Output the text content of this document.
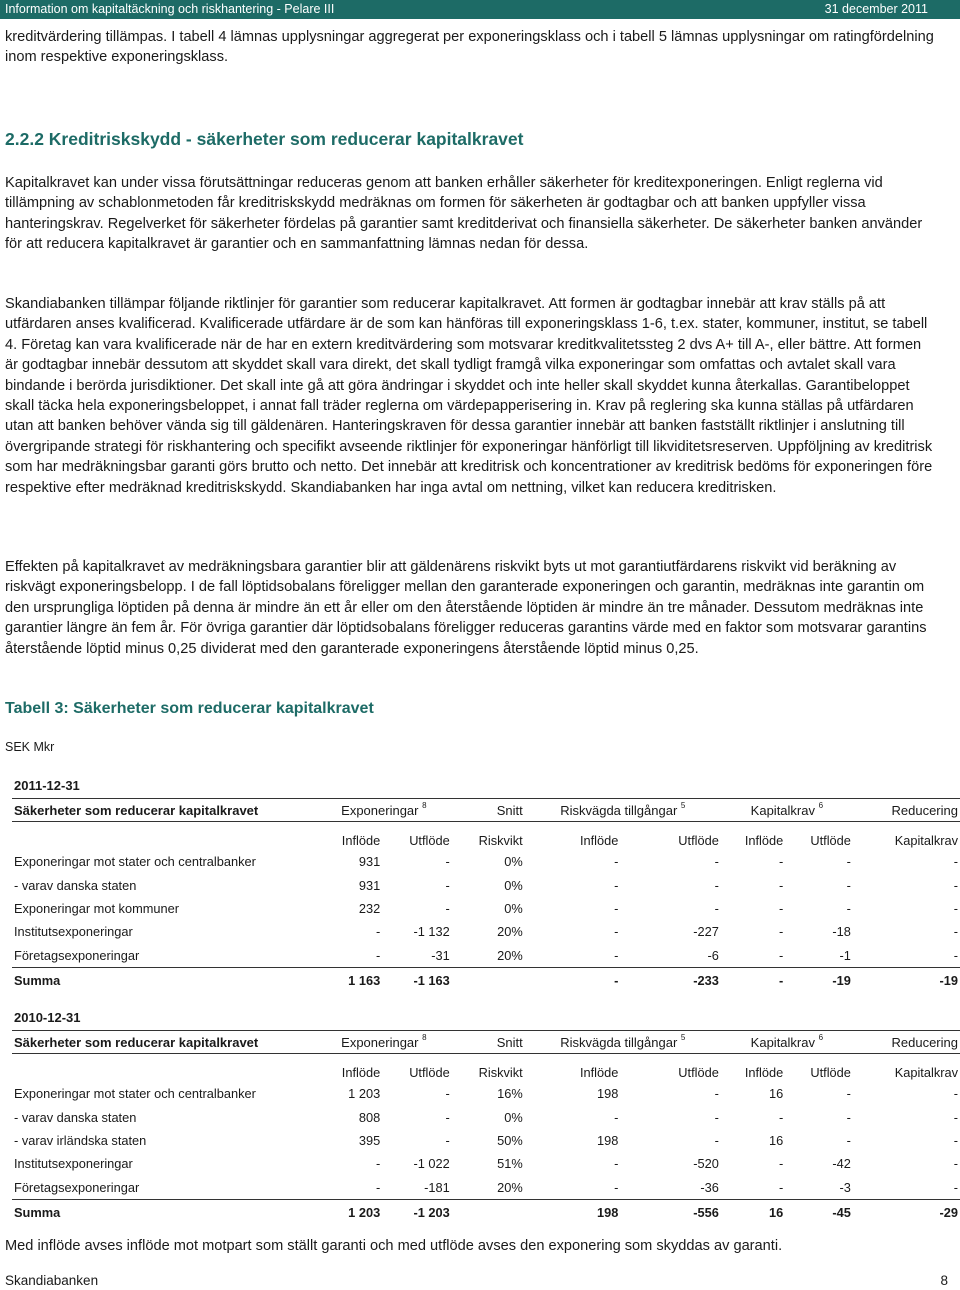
Information om kapitaltäckning och riskhantering - Pelare III	31 december 2011

kreditvärdering tillämpas. I tabell 4 lämnas upplysningar aggregerat per exponeringsklass och i tabell 5 lämnas upplysningar om ratingfördelning inom respektive exponeringsklass.

2.2.2 Kreditriskskydd - säkerheter som reducerar kapitalkravet

Kapitalkravet kan under vissa förutsättningar reduceras genom att banken erhåller säkerheter för kreditexponeringen. Enligt reglerna vid tillämpning av schablonmetoden får kreditriskskydd medräknas om formen för säkerheten är godtagbar och att banken uppfyller vissa hanteringskrav. Regelverket för säkerheter fördelas på garantier samt kreditderivat och finansiella säkerheter. De säkerheter banken använder för att reducera kapitalkravet är garantier och en sammanfattning lämnas nedan för dessa.

Skandiabanken tillämpar följande riktlinjer för garantier som reducerar kapitalkravet. Att formen är godtagbar innebär att krav ställs på att utfärdaren anses kvalificerad. Kvalificerade utfärdare är de som kan hänföras till exponeringsklass 1-6, t.ex. stater, kommuner, institut, se tabell 4. Företag kan vara kvalificerade när de har en extern kreditvärdering som motsvarar kreditkvalitetssteg 2 dvs A+ till A-, eller bättre. Att formen är godtagbar innebär dessutom att skyddet skall vara direkt, det skall tydligt framgå vilka exponeringar som omfattas och avtalet skall vara bindande i berörda jurisdiktioner. Det skall inte gå att göra ändringar i skyddet och inte heller skall skyddet kunna återkallas. Garantibeloppet skall täcka hela exponeringsbeloppet, i annat fall träder reglerna om värdepapperisering in. Krav på reglering ska kunna ställas på utfärdaren utan att banken behöver vända sig till gäldenären. Hanteringskraven för dessa garantier innebär att banken fastställt riktlinjer i anslutning till övergripande strategi för riskhantering och specifikt avseende riktlinjer för exponeringar hänförligt till likviditetsreserven. Uppföljning av kreditrisk som har medräkningsbar garanti görs brutto och netto. Det innebär att kreditrisk och koncentrationer av kreditrisk bedöms för exponeringen före respektive efter medräknad kreditriskskydd. Skandiabanken har inga avtal om nettning, vilket kan reducera kreditrisken.

Effekten på kapitalkravet av medräkningsbara garantier blir att gäldenärens riskvikt byts ut mot garantiutfärdarens riskvikt vid beräkning av riskvägt exponeringsbelopp. I de fall löptidsobalans föreligger mellan den garanterade exponeringen och garantin, medräknas inte garantin om den ursprungliga löptiden på denna är mindre än ett år eller om den återstående löptiden är mindre än tre månader. Dessutom medräknas inte garantier längre än fem år. För övriga garantier där löptidsobalans föreligger reduceras garantins värde med en faktor som motsvarar garantins återstående löptid minus 0,25 dividerat med den garanterade exponeringens återstående löptid minus 0,25.

Tabell 3: Säkerheter som reducerar kapitalkravet

SEK Mkr

2011-12-31

Säkerheter som reducerar kapitalkravet	Exponeringar $^8$		Snitt	Riskvägda tillgångar $^5$		Kapitalkrav $^6$		Reducering
	Inflöde	Utflöde	Riskvikt	Inflöde	Utflöde	Inflöde	Utflöde	Kapitalkrav
Exponeringar mot stater och centralbanker	931	-	0%	-	-	-	-	-
- varav danska staten	931	-	0%	-	-	-	-	-
Exponeringar mot kommuner	232	-	0%	-	-	-	-	-
Institutsexponeringar	-	-1 132	20%	-	-227	-	-18	-
Företagsexponeringar	-	-31	20%	-	-6	-	-1	-
Summa	1 163	-1 163		-	-233	-	-19	-19

2010-12-31

Säkerheter som reducerar kapitalkravet	Exponeringar $^8$		Snitt	Riskvägda tillgångar $^5$		Kapitalkrav $^6$		Reducering
	Inflöde	Utflöde	Riskvikt	Inflöde	Utflöde	Inflöde	Utflöde	Kapitalkrav
Exponeringar mot stater och centralbanker	1 203	-	16%	198	-	16	-	-
- varav danska staten	808	-	0%	-	-	-	-	-
- varav irländska staten	395	-	50%	198	-	16	-	-
Institutsexponeringar	-	-1 022	51%	-	-520	-	-42	-
Företagsexponeringar	-	-181	20%	-	-36	-	-3	-
Summa	1 203	-1 203		198	-556	16	-45	-29

Med inflöde avses inflöde mot motpart som ställt garanti och med utflöde avses den exponering som skyddas av garanti.

Skandiabanken	8
